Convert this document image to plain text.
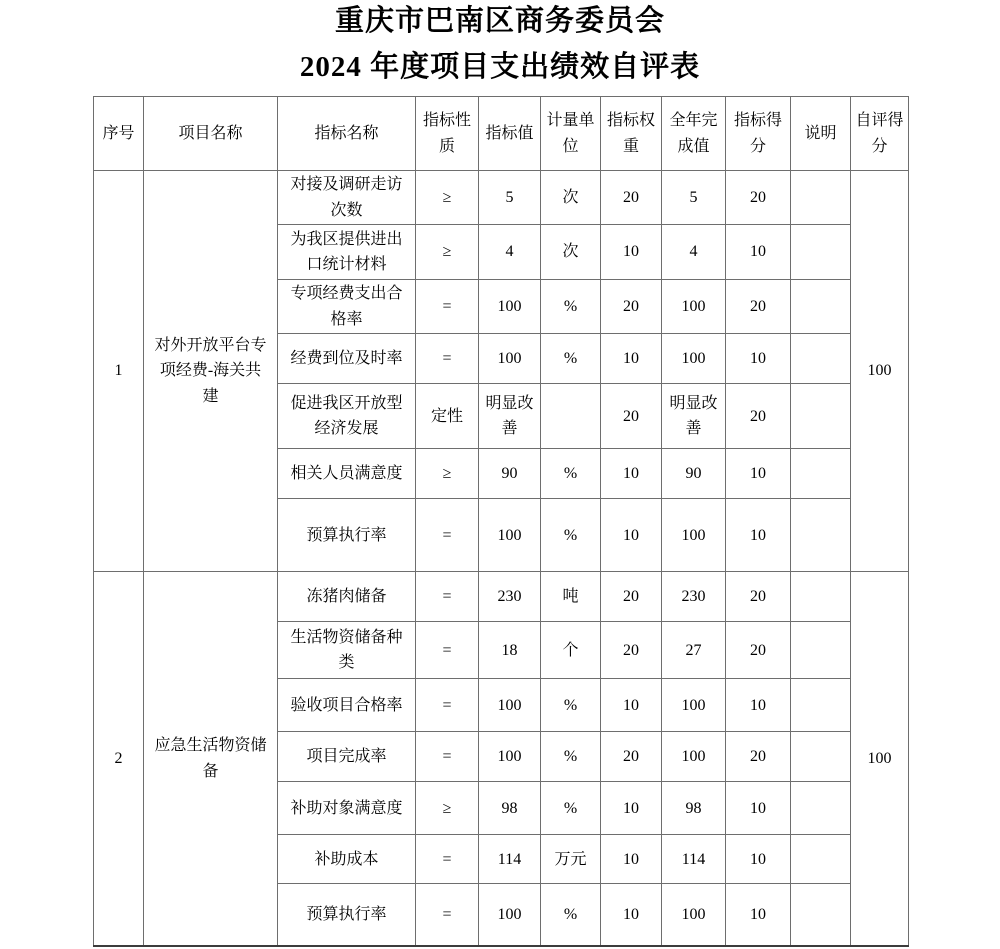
重庆市巴南区商务委员会
2024 年度项目支出绩效自评表
序号	项目名称	指标名称	指标性质	指标值	计量单位	指标权重	全年完成值	指标得分	说明	自评得分
1	对外开放平台专项经费-海关共建	对接及调研走访次数	≥	5	次	20	5	20		100
		为我区提供进出口统计材料	≥	4	次	10	4	10		
		专项经费支出合格率	=	100	%	20	100	20		
		经费到位及时率	=	100	%	10	100	10		
		促进我区开放型经济发展	定性	明显改善		20	明显改善	20		
		相关人员满意度	≥	90	%	10	90	10		
		预算执行率	=	100	%	10	100	10		
2	应急生活物资储备	冻猪肉储备	=	230	吨	20	230	20		100
		生活物资储备种类	=	18	个	20	27	20		
		验收项目合格率	=	100	%	10	100	10		
		项目完成率	=	100	%	20	100	20		
		补助对象满意度	≥	98	%	10	98	10		
		补助成本	=	114	万元	10	114	10		
		预算执行率	=	100	%	10	100	10		
